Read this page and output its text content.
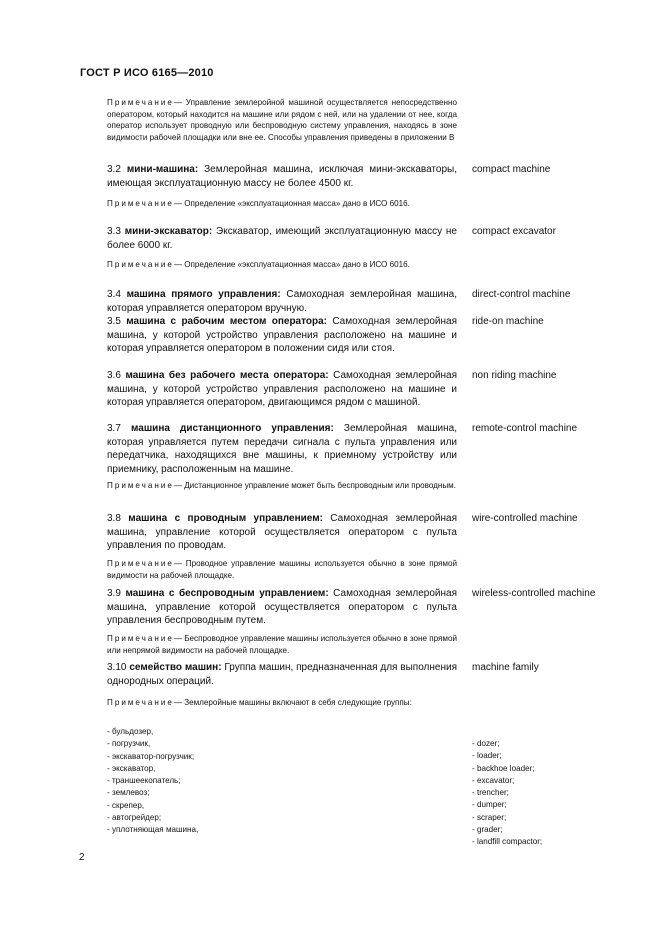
ГОСТ Р ИСО 6165—2010
Примечание— Управление землеройной машиной осуществляется непосредственно оператором, который находится на машине или рядом с ней, или на удалении от нее, когда оператор использует проводную или беспроводную систему управления, находясь в зоне видимости рабочей площадки или вне ее. Способы управления приведены в приложении В
3.2 мини-машина: Землеройная машина, исключая мини-экскаваторы, имеющая эксплуатационную массу не более 4500 кг.
compact machine
Примечание— Определение «эксплуатационная масса» дано в ИСО 6016.
3.3 мини-экскаватор: Экскаватор, имеющий эксплуатационную массу не более 6000 кг.
compact excavator
Примечание— Определение «эксплуатационная масса» дано в ИСО 6016.
3.4 машина прямого управления: Самоходная землеройная машина, которая управляется оператором вручную.
direct-control machine
3.5 машина с рабочим местом оператора: Самоходная землеройная машина, у которой устройство управления расположено на машине и которая управляется оператором в положении сидя или стоя.
ride-on machine
3.6 машина без рабочего места оператора: Самоходная землеройная машина, у которой устройство управления расположено на машине и которая управляется оператором, двигающимся рядом с машиной.
non riding machine
3.7 машина дистанционного управления: Землеройная машина, которая управляется путем передачи сигнала с пульта управления или передатчика, находящихся вне машины, к приемному устройству или приемнику, расположенным на машине.
remote-control machine
Примечание— Дистанционное управление может быть беспроводным или проводным.
3.8 машина с проводным управлением: Самоходная землеройная машина, управление которой осуществляется оператором с пульта управления по проводам.
wire-controlled machine
Примечание— Проводное управление машины используется обычно в зоне прямой видимости на рабочей площадке.
3.9 машина с беспроводным управлением: Самоходная землеройная машина, управление которой осуществляется оператором с пульта управления беспроводным путем.
wireless-controlled machine
Примечание— Беспроводное управление машины используется обычно в зоне прямой или непрямой видимости на рабочей площадке.
3.10 семейство машин: Группа машин, предназначенная для выполнения однородных операций.
machine family
Примечание— Землеройные машины включают в себя следующие группы:
- бульдозер,
- погрузчик,
- экскаватор-погрузчик;
- экскаватор,
- траншеекопатель;
- землевоз;
- скрепер,
- автогрейдер;
- уплотняющая машина,
- dozer;
- loader;
- backhoe loader;
- excavator;
- trencher;
- dumper;
- scraper;
- grader;
- landfill compactor;
2
